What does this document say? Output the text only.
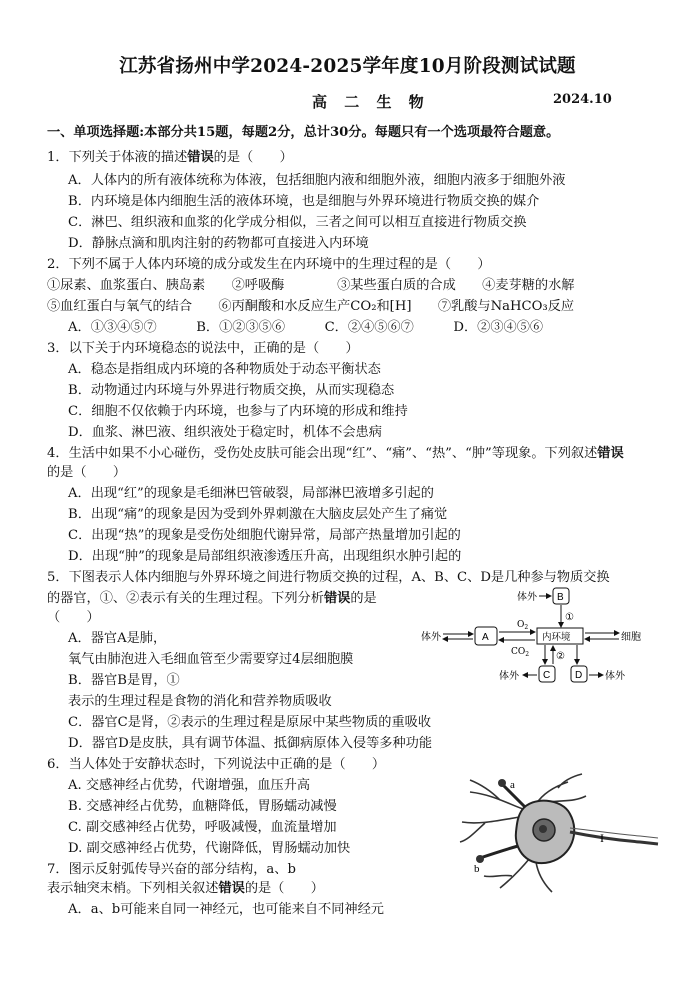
江苏省扬州中学2024-2025学年度10月阶段测试试题
高 二 生 物	2024.10
一、单项选择题:本部分共15题，每题2分，总计30分。每题只有一个选项最符合题意。
1．下列关于体液的描述错误的是（　　）
A．人体内的所有液体统称为体液，包括细胞内液和细胞外液，细胞内液多于细胞外液
B．内环境是体内细胞生活的液体环境，也是细胞与外界环境进行物质交换的媒介
C．淋巴、组织液和血浆的化学成分相似，三者之间可以相互直接进行物质交换
D．静脉点滴和肌肉注射的药物都可直接进入内环境
2．下列不属于人体内环境的成分或发生在内环境中的生理过程的是（　　）
①尿素、血浆蛋白、胰岛素　　②呼吸酶　　　　③某些蛋白质的合成　　④麦芽糖的水解
⑤血红蛋白与氧气的结合　　⑥丙酮酸和水反应生产CO₂和[H]　　⑦乳酸与NaHCO₃反应
A．①③④⑤⑦　　　B．①②③⑤⑥　　　C．②④⑤⑥⑦　　　D．②③④⑤⑥
3．以下关于内环境稳态的说法中，正确的是（　　）
A．稳态是指组成内环境的各种物质处于动态平衡状态
B．动物通过内环境与外界进行物质交换，从而实现稳态
C．细胞不仅依赖于内环境，也参与了内环境的形成和维持
D．血浆、淋巴液、组织液处于稳定时，机体不会患病
4．生活中如果不小心碰伤，受伤处皮肤可能会出现“红”、“痛”、“热”、“肿”等现象。下列叙述错误
的是（　　）
A．出现“红”的现象是毛细淋巴管破裂，局部淋巴液增多引起的
B．出现“痛”的现象是因为受到外界刺激在大脑皮层处产生了痛觉
C．出现“热”的现象是受伤处细胞代谢异常，局部产热量增加引起的
D．出现“肿”的现象是局部组织液渗透压升高，出现组织水肿引起的
5．下图表示人体内细胞与外界环境之间进行物质交换的过程，A、B、C、D是几种参与物质交换
的器官，①、②表示有关的生理过程。下列分析错误的是
（　　）
A．器官A是肺，
氧气由肺泡进入毛细血管至少需要穿过4层细胞膜
B．器官B是胃，①
表示的生理过程是食物的消化和营养物质吸收
C．器官C是肾，②表示的生理过程是原尿中某些物质的重吸收
D．器官D是皮肤，具有调节体温、抵御病原体入侵等多种功能
6．当人体处于安静状态时，下列说法中正确的是（　　）
A. 交感神经占优势，代谢增强，血压升高
B. 交感神经占优势，血糖降低，胃肠蠕动减慢
C. 副交感神经占优势，呼吸减慢，血流量增加
D. 副交感神经占优势，代谢降低，胃肠蠕动加快
7．图示反射弧传导兴奋的部分结构，a、b
表示轴突末梢。下列相关叙述错误的是（　　）
A．a、b可能来自同一神经元，也可能来自不同神经元
体外 B
①
体外	A
$O_2$
$CO_2$
内环境	细胞
②
体外 C D 体外
a
b
I
